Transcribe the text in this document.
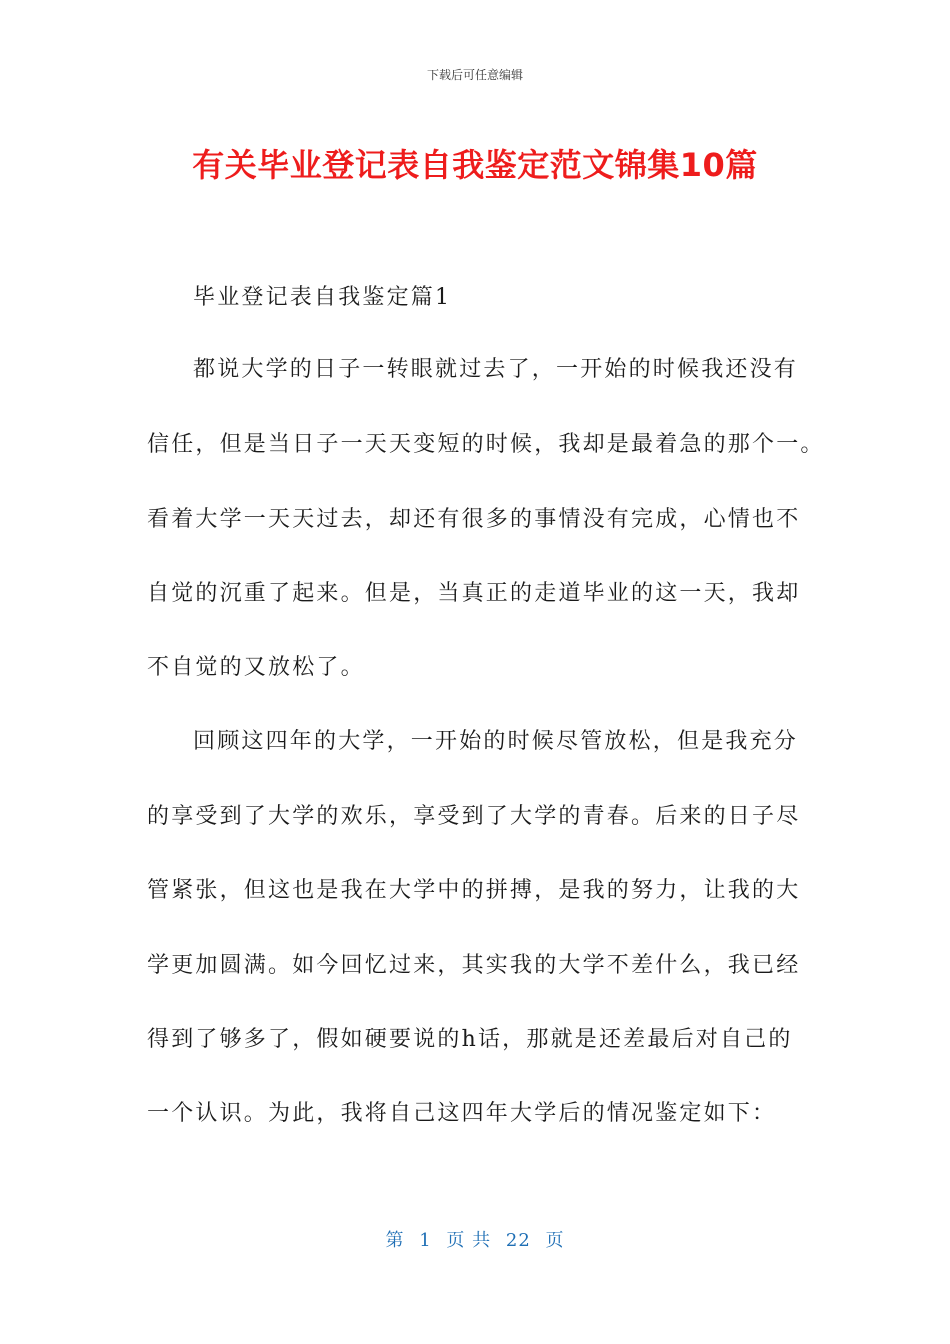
下载后可任意编辑
有关毕业登记表自我鉴定范文锦集10篇
毕业登记表自我鉴定篇1
都说大学的日子一转眼就过去了，一开始的时候我还没有
信任，但是当日子一天天变短的时候，我却是最着急的那个一。
看着大学一天天过去，却还有很多的事情没有完成，心情也不
自觉的沉重了起来。但是，当真正的走道毕业的这一天，我却
不自觉的又放松了。
回顾这四年的大学，一开始的时候尽管放松，但是我充分
的享受到了大学的欢乐，享受到了大学的青春。后来的日子尽
管紧张，但这也是我在大学中的拼搏，是我的努力，让我的大
学更加圆满。如今回忆过来，其实我的大学不差什么，我已经
得到了够多了，假如硬要说的h话，那就是还差最后对自己的
一个认识。为此，我将自己这四年大学后的情况鉴定如下：
第 1 页 共 22 页
